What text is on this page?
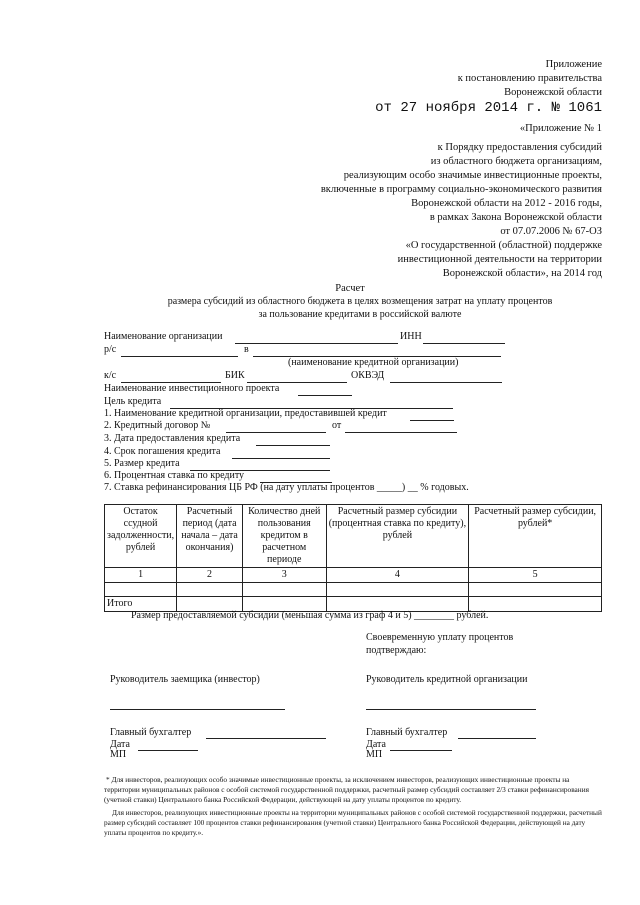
Приложение
к постановлению правительства
Воронежской области
от 27 ноября 2014 г. № 1061
«Приложение № 1
к Порядку предоставления субсидий
из областного бюджета организациям,
реализующим особо значимые инвестиционные проекты,
включенные в программу социально-экономического развития
Воронежской области на 2012 - 2016 годы,
в рамках Закона Воронежской области
от 07.07.2006 № 67-ОЗ
«О государственной (областной) поддержке
инвестиционной деятельности на территории
Воронежской области», на 2014 год
Расчет
размера субсидий из областного бюджета в целях возмещения затрат на уплату процентов
за пользование кредитами в российской валюте
Наименование организации	ИНН
р/с	в
(наименование кредитной организации)
к/с	БИК	ОКВЭД
Наименование инвестиционного проекта
Цель кредита
1. Наименование кредитной организации, предоставившей кредит
2. Кредитный договор №	от
3. Дата предоставления кредита
4. Срок погашения кредита
5. Размер кредита
6. Процентная ставка по кредиту
7. Ставка рефинансирования ЦБ РФ (на дату уплаты процентов _____) __ % годовых.
Остаток ссудной задолженности, рублей	Расчетный период (дата начала – дата окончания)	Количество дней пользования кредитом в расчетном периоде	Расчетный размер субсидии (процентная ставка по кредиту), рублей	Расчетный размер субсидии, рублей*
1	2	3	4	5

Итого				
Размер предоставляемой субсидии (меньшая сумма из граф 4 и 5) ________ рублей.
Своевременную уплату процентов
подтверждаю:
Руководитель заемщика (инвестор)	Руководитель кредитной организации
Главный бухгалтер	Главный бухгалтер
Дата	Дата
МП	МП
* Для инвесторов, реализующих особо значимые инвестиционные проекты, за исключением инвесторов, реализующих инвестиционные проекты на территории муниципальных районов с особой системой государственной поддержки, расчетный размер субсидий составляет 2/3 ставки рефинансирования (учетной ставки) Центрального банка Российской Федерации, действующей на дату уплаты процентов по кредиту.
Для инвесторов, реализующих инвестиционные проекты на территории муниципальных районов с особой системой государственной поддержки, расчетный размер субсидий составляет 100 процентов ставки рефинансирования (учетной ставки) Центрального банка Российской Федерации, действующей на дату уплаты процентов по кредиту.».
